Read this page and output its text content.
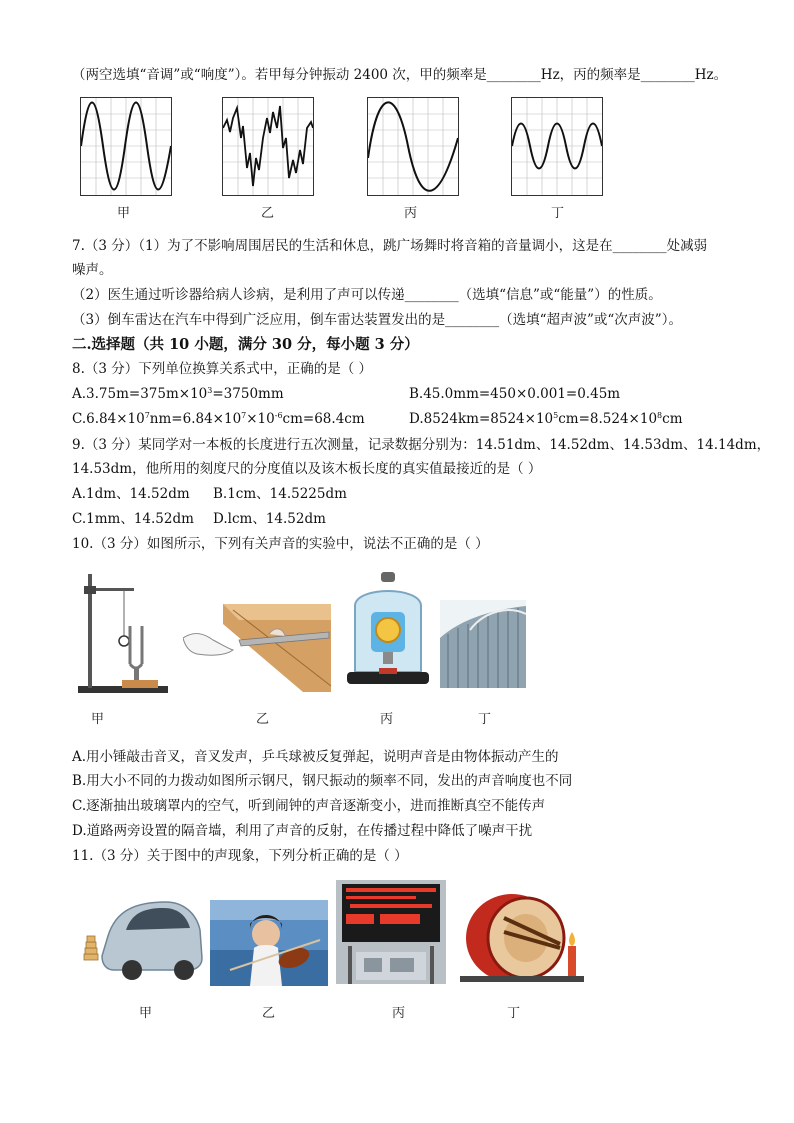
（两空选填“音调”或“响度”）。若甲每分钟振动 2400 次，甲的频率是________Hz，丙的频率是________Hz。
甲	乙	丙	丁
7.（3 分）（1）为了不影响周围居民的生活和休息，跳广场舞时将音箱的音量调小，这是在________处减弱
噪声。
（2）医生通过听诊器给病人诊病，是利用了声可以传递________（选填“信息”或“能量”）的性质。
（3）倒车雷达在汽车中得到广泛应用，倒车雷达装置发出的是________（选填“超声波”或“次声波”）。
二.选择题（共 10 小题，满分 30 分，每小题 3 分）
8.（3 分）下列单位换算关系式中，正确的是（ ）
$A.3.75m=375m\times 10^3=3750mm$	B.45.0mm=450×0.001=0.45m
$C.6.84\times 10^7nm=6.84\times 10^7\times 10^{-6}cm=68.4cm$	$D.8524km=8524\times 10^5cm=8.524\times 10^8cm$
9.（3 分）某同学对一本板的长度进行五次测量，记录数据分别为：14.51dm、14.52dm、14.53dm、14.14dm，
14.53dm，他所用的刻度尺的分度值以及该木板长度的真实值最接近的是（ ）
A.1dm、14.52dm B.1cm、14.5225dm
C.1mm、14.52dm D.lcm、14.52dm
10.（3 分）如图所示，下列有关声音的实验中，说法不正确的是（ ）
甲	乙	丙	丁
A.用小锤敲击音叉，音叉发声，乒乓球被反复弹起，说明声音是由物体振动产生的
B.用大小不同的力拨动如图所示钢尺，钢尺振动的频率不同，发出的声音响度也不同
C.逐渐抽出玻璃罩内的空气，听到闹钟的声音逐渐变小，进而推断真空不能传声
D.道路两旁设置的隔音墙，利用了声音的反射，在传播过程中降低了噪声干扰
11.（3 分）关于图中的声现象，下列分析正确的是（ ）
甲	乙	丙	丁
